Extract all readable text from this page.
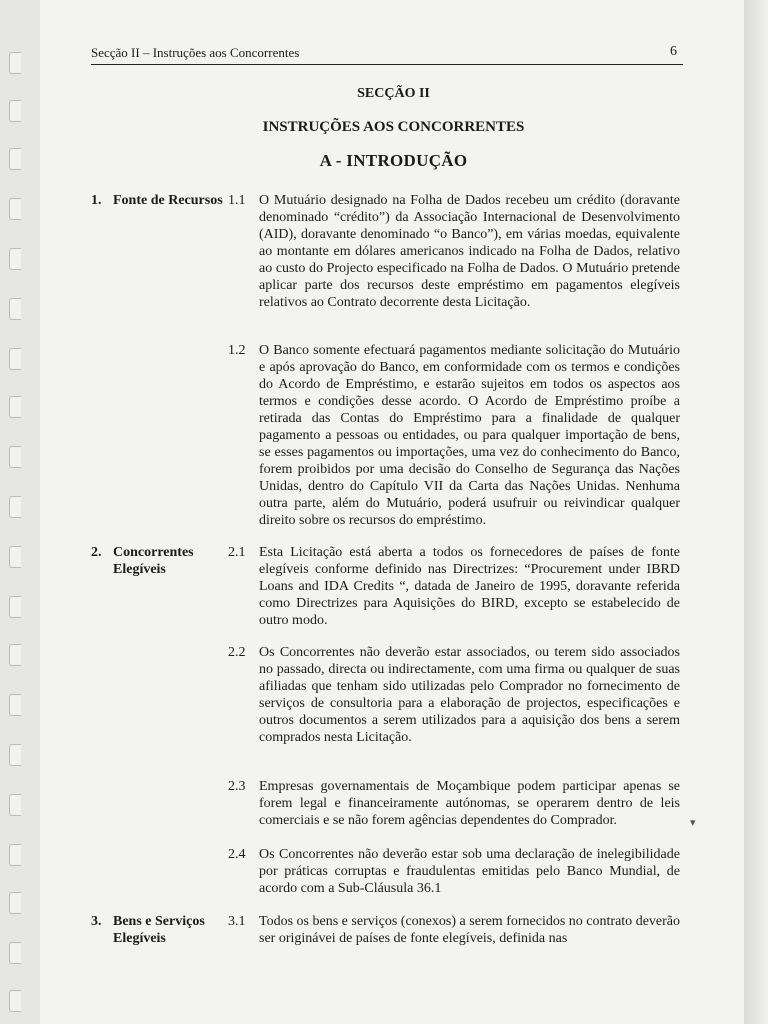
Secção II – Instruções aos Concorrentes	6
SECÇÃO II
INSTRUÇÕES AOS CONCORRENTES
A - INTRODUÇÃO
1. Fonte de Recursos
2. Concorrentes Elegíveis
3. Bens e Serviços Elegíveis
1.1 O Mutuário designado na Folha de Dados recebeu um crédito (doravante denominado “crédito”) da Associação Internacional de Desenvolvimento (AID), doravante denominado “o Banco”), em várias moedas, equivalente ao montante em dólares americanos indicado na Folha de Dados, relativo ao custo do Projecto especificado na Folha de Dados. O Mutuário pretende aplicar parte dos recursos deste empréstimo em pagamentos elegíveis relativos ao Contrato decorrente desta Licitação.
1.2 O Banco somente efectuará pagamentos mediante solicitação do Mutuário e após aprovação do Banco, em conformidade com os termos e condições do Acordo de Empréstimo, e estarão sujeitos em todos os aspectos aos termos e condições desse acordo. O Acordo de Empréstimo proíbe a retirada das Contas do Empréstimo para a finalidade de qualquer pagamento a pessoas ou entidades, ou para qualquer importação de bens, se esses pagamentos ou importações, uma vez do conhecimento do Banco, forem proibidos por uma decisão do Conselho de Segurança das Nações Unidas, dentro do Capítulo VII da Carta das Nações Unidas. Nenhuma outra parte, além do Mutuário, poderá usufruir ou reivindicar qualquer direito sobre os recursos do empréstimo.
2.1 Esta Licitação está aberta a todos os fornecedores de países de fonte elegíveis conforme definido nas Directrizes: “Procurement under IBRD Loans and IDA Credits “, datada de Janeiro de 1995, doravante referida como Directrizes para Aquisições do BIRD, excepto se estabelecido de outro modo.
2.2 Os Concorrentes não deverão estar associados, ou terem sido associados no passado, directa ou indirectamente, com uma firma ou qualquer de suas afiliadas que tenham sido utilizadas pelo Comprador no fornecimento de serviços de consultoria para a elaboração de projectos, especificações e outros documentos a serem utilizados para a aquisição dos bens a serem comprados nesta Licitação.
2.3 Empresas governamentais de Moçambique podem participar apenas se forem legal e financeiramente autónomas, se operarem dentro de leis comerciais e se não forem agências dependentes do Comprador.
2.4 Os Concorrentes não deverão estar sob uma declaração de inelegibilidade por práticas corruptas e fraudulentas emitidas pelo Banco Mundial, de acordo com a Sub-Cláusula 36.1
3.1 Todos os bens e serviços (conexos) a serem fornecidos no contrato deverão ser originávei de países de fonte elegíveis, definida nas
▾
